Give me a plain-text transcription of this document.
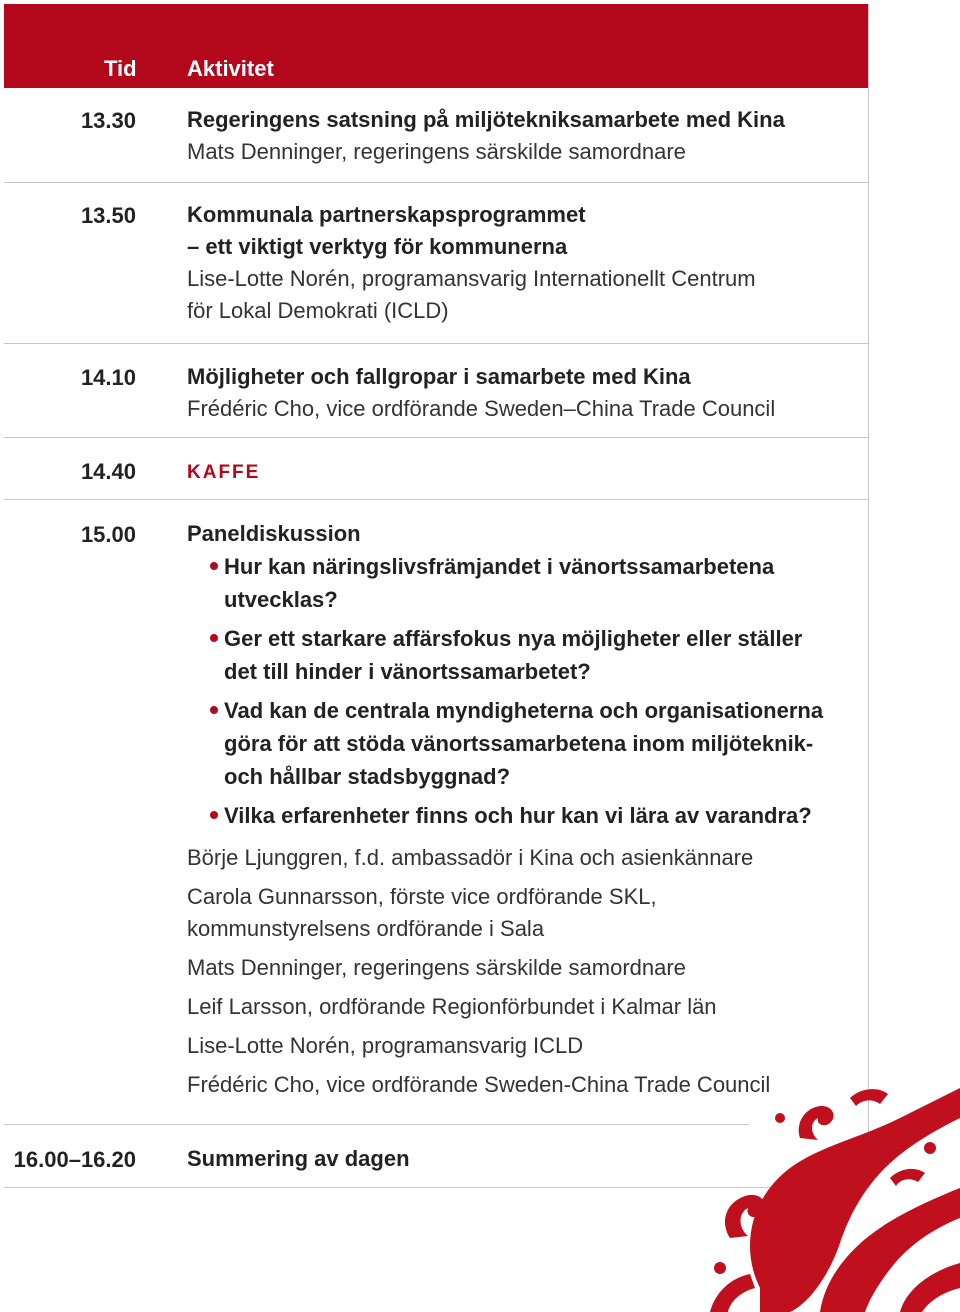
Tid Aktivitet
13.30 Regeringens satsning på miljötekniksamarbete med Kina
Mats Denninger, regeringens särskilde samordnare
13.50 Kommunala partnerskapsprogrammet
– ett viktigt verktyg för kommunerna
Lise-Lotte Norén, programansvarig Internationellt Centrum
för Lokal Demokrati (ICLD)
14.10 Möjligheter och fallgropar i samarbete med Kina
Frédéric Cho, vice ordförande Sweden–China Trade Council
14.40	KAFFE
15.00 Paneldiskussion
Hur kan näringslivsfrämjandet i vänortssamarbetena utvecklas?
Ger ett starkare affärsfokus nya möjligheter eller ställer det till hinder i vänortssamarbetet?
Vad kan de centrala myndigheterna och organisationerna göra för att stöda vänortssamarbetena inom miljöteknik- och hållbar stadsbyggnad?
Vilka erfarenheter finns och hur kan vi lära av varandra?
Börje Ljunggren, f.d. ambassadör i Kina och asienkännare
Carola Gunnarsson, förste vice ordförande SKL, kommunstyrelsens ordförande i Sala
Mats Denninger, regeringens särskilde samordnare
Leif Larsson, ordförande Regionförbundet i Kalmar län
Lise-Lotte Norén, programansvarig ICLD
Frédéric Cho, vice ordförande Sweden-China Trade Council
16.00–16.20 Summering av dagen
